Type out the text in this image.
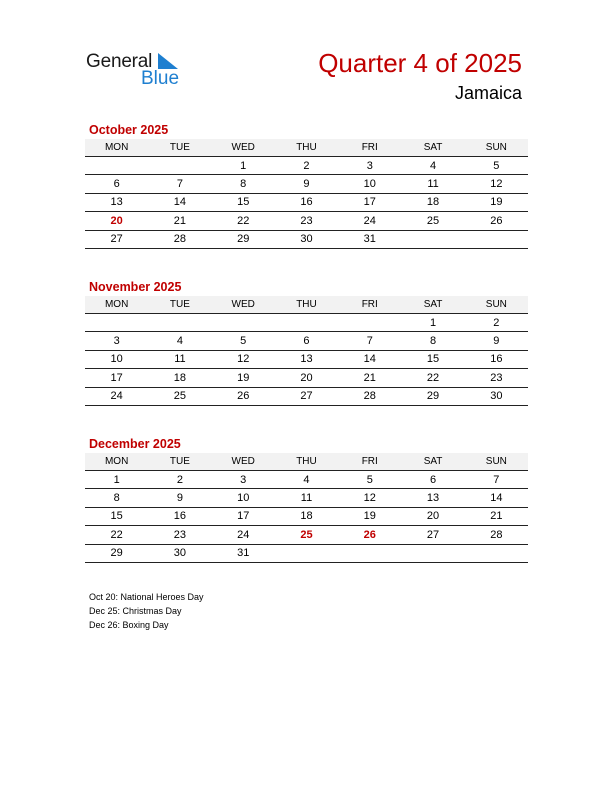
General
Blue
Quarter 4 of 2025
Jamaica
October 2025
MON	TUE	WED	THU	FRI	SAT	SUN
		1	2	3	4	5
6	7	8	9	10	11	12
13	14	15	16	17	18	19
20	21	22	23	24	25	26
27	28	29	30	31		
November 2025
MON	TUE	WED	THU	FRI	SAT	SUN
					1	2
3	4	5	6	7	8	9
10	11	12	13	14	15	16
17	18	19	20	21	22	23
24	25	26	27	28	29	30
December 2025
MON	TUE	WED	THU	FRI	SAT	SUN
1	2	3	4	5	6	7
8	9	10	11	12	13	14
15	16	17	18	19	20	21
22	23	24	25	26	27	28
29	30	31				
Oct 20: National Heroes Day
Dec 25: Christmas Day
Dec 26: Boxing Day
